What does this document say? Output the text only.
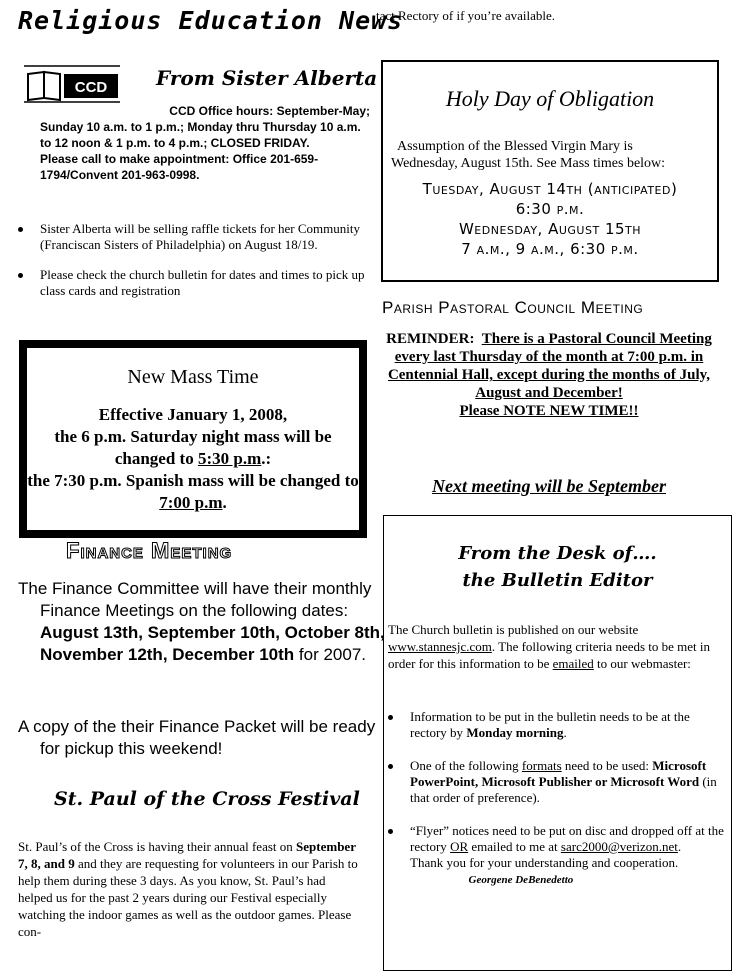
Religious Education News
tact Rectory of if you’re available.
CCD From Sister Alberta
CCD Office hours: September-May;
Sunday 10 a.m. to 1 p.m.; Monday thru Thursday 10 a.m. to 12 noon & 1 p.m. to 4 p.m.; CLOSED FRIDAY.
Please call to make appointment: Office 201-659-1794/Convent 201-963-0998.
Sister Alberta will be selling raffle tickets for her Community (Franciscan Sisters of Philadelphia) on August 18/19.
Please check the church bulletin for dates and times to pick up class cards and registration
Holy Day of Obligation
Assumption of the Blessed Virgin Mary is
Wednesday, August 15th. See Mass times below:
Tuesday, August 14th (anticipated)
6:30 p.m.
Wednesday, August 15th
7 a.m., 9 a.m., 6:30 p.m.
Parish Pastoral Council Meeting
REMINDER: There is a Pastoral Council Meeting every last Thursday of the month at 7:00 p.m. in Centennial Hall, except during the months of July, August and December!
Please NOTE NEW TIME!!
Next meeting will be September
New Mass Time
Effective January 1, 2008,
the 6 p.m. Saturday night mass will be changed to 5:30 p.m.:
the 7:30 p.m. Spanish mass will be changed to 7:00 p.m.
Finance Meeting
The Finance Committee will have their monthly Finance Meetings on the following dates: August 13th, September 10th, October 8th, November 12th, December 10th for 2007.
A copy of the their Finance Packet will be ready for pickup this weekend!
St. Paul of the Cross Festival
St. Paul’s of the Cross is having their annual feast on September 7, 8, and 9 and they are requesting for volunteers in our Parish to help them during these 3 days. As you know, St. Paul’s had helped us for the past 2 years during our Festival especially watching the indoor games as well as the outdoor games. Please con-
From the Desk of….
the Bulletin Editor
The Church bulletin is published on our website www.stannesjc.com. The following criteria needs to be met in order for this information to be emailed to our webmaster:
Information to be put in the bulletin needs to be at the rectory by Monday morning.
One of the following formats need to be used: Microsoft PowerPoint, Microsoft Publisher or Microsoft Word (in that order of preference).
“Flyer” notices need to be put on disc and dropped off at the rectory OR emailed to me at sarc2000@verizon.net.
Thank you for your understanding and cooperation.                   Georgene DeBenedetto
